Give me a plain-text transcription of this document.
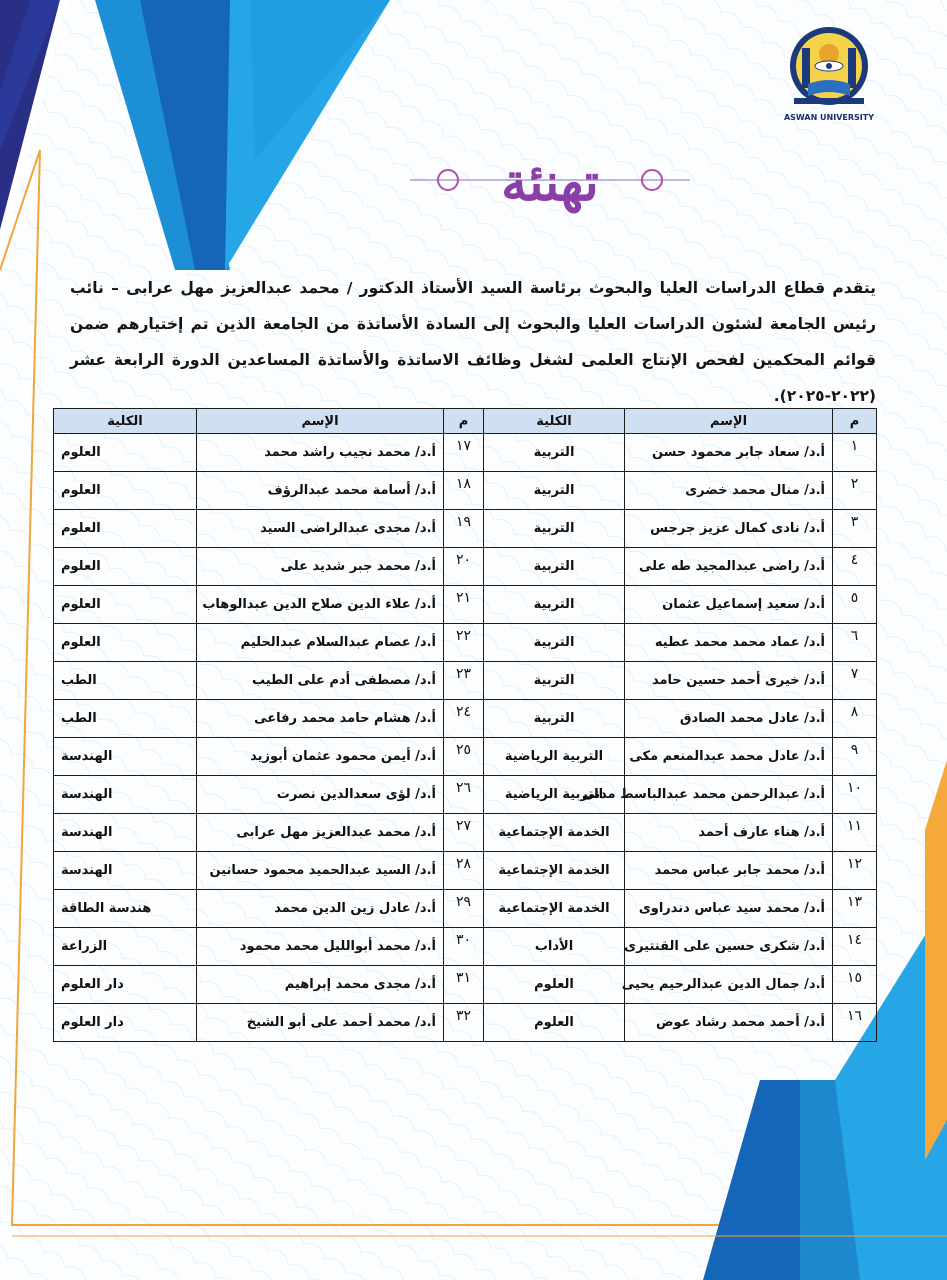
ASWAN UNIVERSITY
تهنئة
يتقدم قطاع الدراسات العليا والبحوث برئاسة السيد الأستاذ الدكتور / محمد عبدالعزيز مهل عرابى – نائب رئيس الجامعة لشئون الدراسات العليا والبحوث إلى السادة الأساتذة من الجامعة الذين تم إختيارهم ضمن قوائم المحكمين لفحص الإنتاج العلمى لشغل وظائف الاساتذة والأساتذة المساعدين الدورة الرابعة عشر (٢٠٢٢-٢٠٢٥).
م	الإسم	الكلية	م	الإسم	الكلية
١	أ.د/ سعاد جابر محمود حسن	التربية	١٧	أ.د/ محمد نجيب راشد محمد	العلوم
٢	أ.د/ منال محمد خضرى	التربية	١٨	أ.د/ أسامة محمد عبدالرؤف	العلوم
٣	أ.د/ نادى كمال عزيز جرجس	التربية	١٩	أ.د/ مجدى عبدالراضى السيد	العلوم
٤	أ.د/ راضى عبدالمجيد طه على	التربية	٢٠	أ.د/ محمد جبر شديد على	العلوم
٥	أ.د/ سعيد إسماعيل عثمان	التربية	٢١	أ.د/ علاء الدين صلاح الدين عبدالوهاب	العلوم
٦	أ.د/ عماد محمد محمد عطيه	التربية	٢٢	أ.د/ عصام عبدالسلام عبدالحليم	العلوم
٧	أ.د/ خيرى أحمد حسين حامد	التربية	٢٣	أ.د/ مصطفى أدم على الطيب	الطب
٨	أ.د/ عادل محمد الصادق	التربية	٢٤	أ.د/ هشام حامد محمد رفاعى	الطب
٩	أ.د/ عادل محمد عبدالمنعم مكى	التربية الرياضية	٢٥	أ.د/ أيمن محمود عثمان أبوزيد	الهندسة
١٠	أ.د/ عبدالرحمن محمد عبدالباسط مدنى	التربية الرياضية	٢٦	أ.د/ لؤى سعدالدين نصرت	الهندسة
١١	أ.د/ هناء عارف أحمد	الخدمة الإجتماعية	٢٧	أ.د/ محمد عبدالعزيز مهل عرابى	الهندسة
١٢	أ.د/ محمد جابر عباس محمد	الخدمة الإجتماعية	٢٨	أ.د/ السيد عبدالحميد محمود حسانين	الهندسة
١٣	أ.د/ محمد سيد عباس دندراوى	الخدمة الإجتماعية	٢٩	أ.د/ عادل زين الدين محمد	هندسة الطاقة
١٤	أ.د/ شكرى حسين على القنتيرى	الأداب	٣٠	أ.د/ محمد أبوالليل محمد محمود	الزراعة
١٥	أ.د/ جمال الدين عبدالرحيم يحيى	العلوم	٣١	أ.د/ مجدى محمد إبراهيم	دار العلوم
١٦	أ.د/ أحمد محمد رشاد عوض	العلوم	٣٢	أ.د/ محمد أحمد على أبو الشيخ	دار العلوم
